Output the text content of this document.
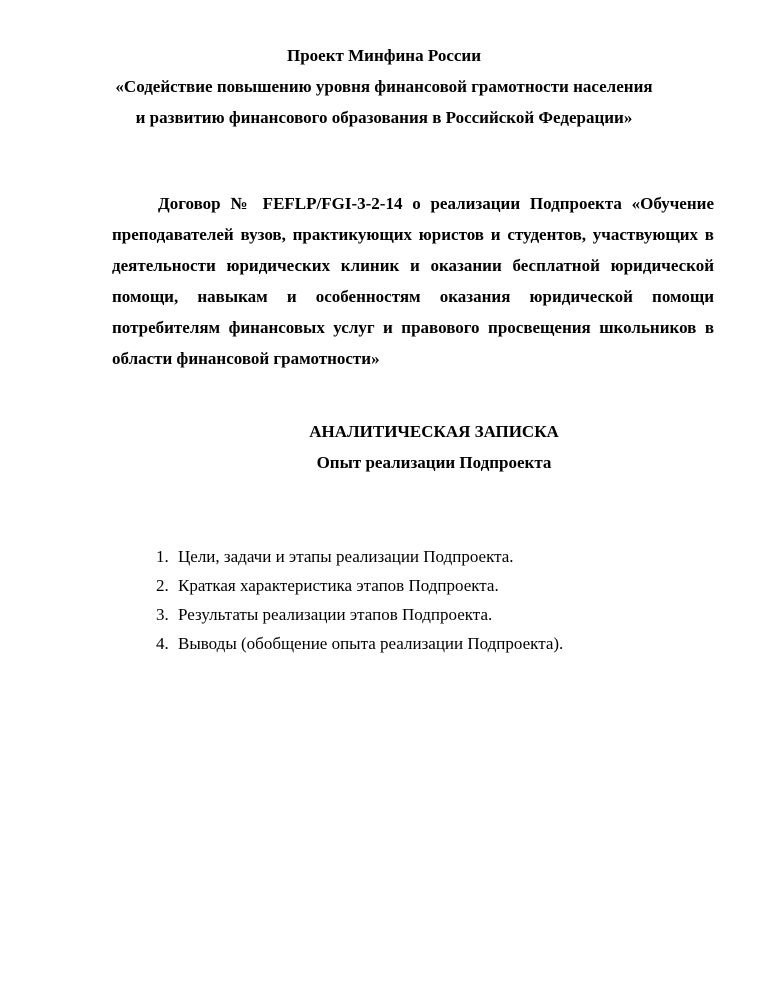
Проект Минфина России
«Содействие повышению уровня финансовой грамотности населения
и развитию финансового образования в Российской Федерации»
Договор № FEFLP/FGI-3-2-14 о реализации Подпроекта «Обучение преподавателей вузов, практикующих юристов и студентов, участвующих в деятельности юридических клиник и оказании бесплатной юридической помощи, навыкам и особенностям оказания юридической помощи потребителям финансовых услуг и правового просвещения школьников в области финансовой грамотности»
АНАЛИТИЧЕСКАЯ ЗАПИСКА
Опыт реализации Подпроекта
1. Цели, задачи и этапы реализации Подпроекта.
2. Краткая характеристика этапов Подпроекта.
3. Результаты реализации этапов Подпроекта.
4. Выводы (обобщение опыта реализации Подпроекта).
